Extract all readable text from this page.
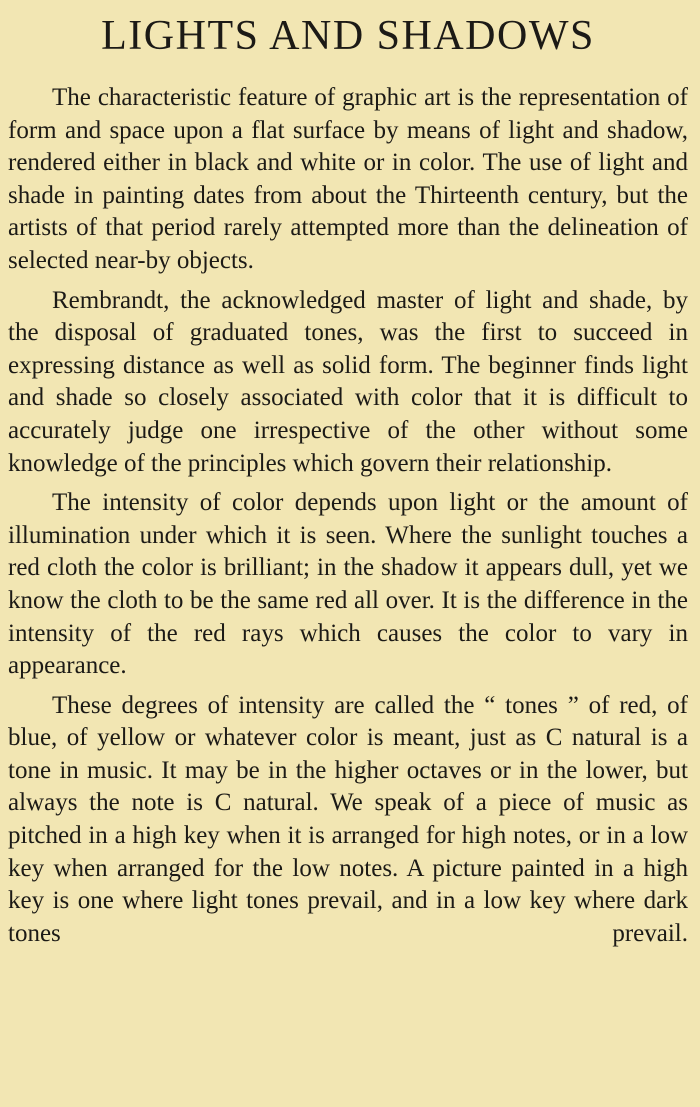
LIGHTS AND SHADOWS

The characteristic feature of graphic art is the representation of form and space upon a flat surface by means of light and shadow, rendered either in black and white or in color. The use of light and shade in painting dates from about the Thirteenth century, but the artists of that period rarely attempted more than the delineation of selected near-by objects.

Rembrandt, the acknowledged master of light and shade, by the disposal of graduated tones, was the first to succeed in expressing distance as well as solid form. The beginner finds light and shade so closely associated with color that it is difficult to accurately judge one irrespective of the other without some knowledge of the principles which govern their relationship.

The intensity of color depends upon light or the amount of illumination under which it is seen. Where the sunlight touches a red cloth the color is brilliant; in the shadow it appears dull, yet we know the cloth to be the same red all over. It is the difference in the intensity of the red rays which causes the color to vary in appearance.

These degrees of intensity are called the “ tones ” of red, of blue, of yellow or whatever color is meant, just as C natural is a tone in music. It may be in the higher octaves or in the lower, but always the note is C natural. We speak of a piece of music as pitched in a high key when it is arranged for high notes, or in a low key when arranged for the low notes. A picture painted in a high key is one where light tones prevail, and in a low key where dark tones prevail.
